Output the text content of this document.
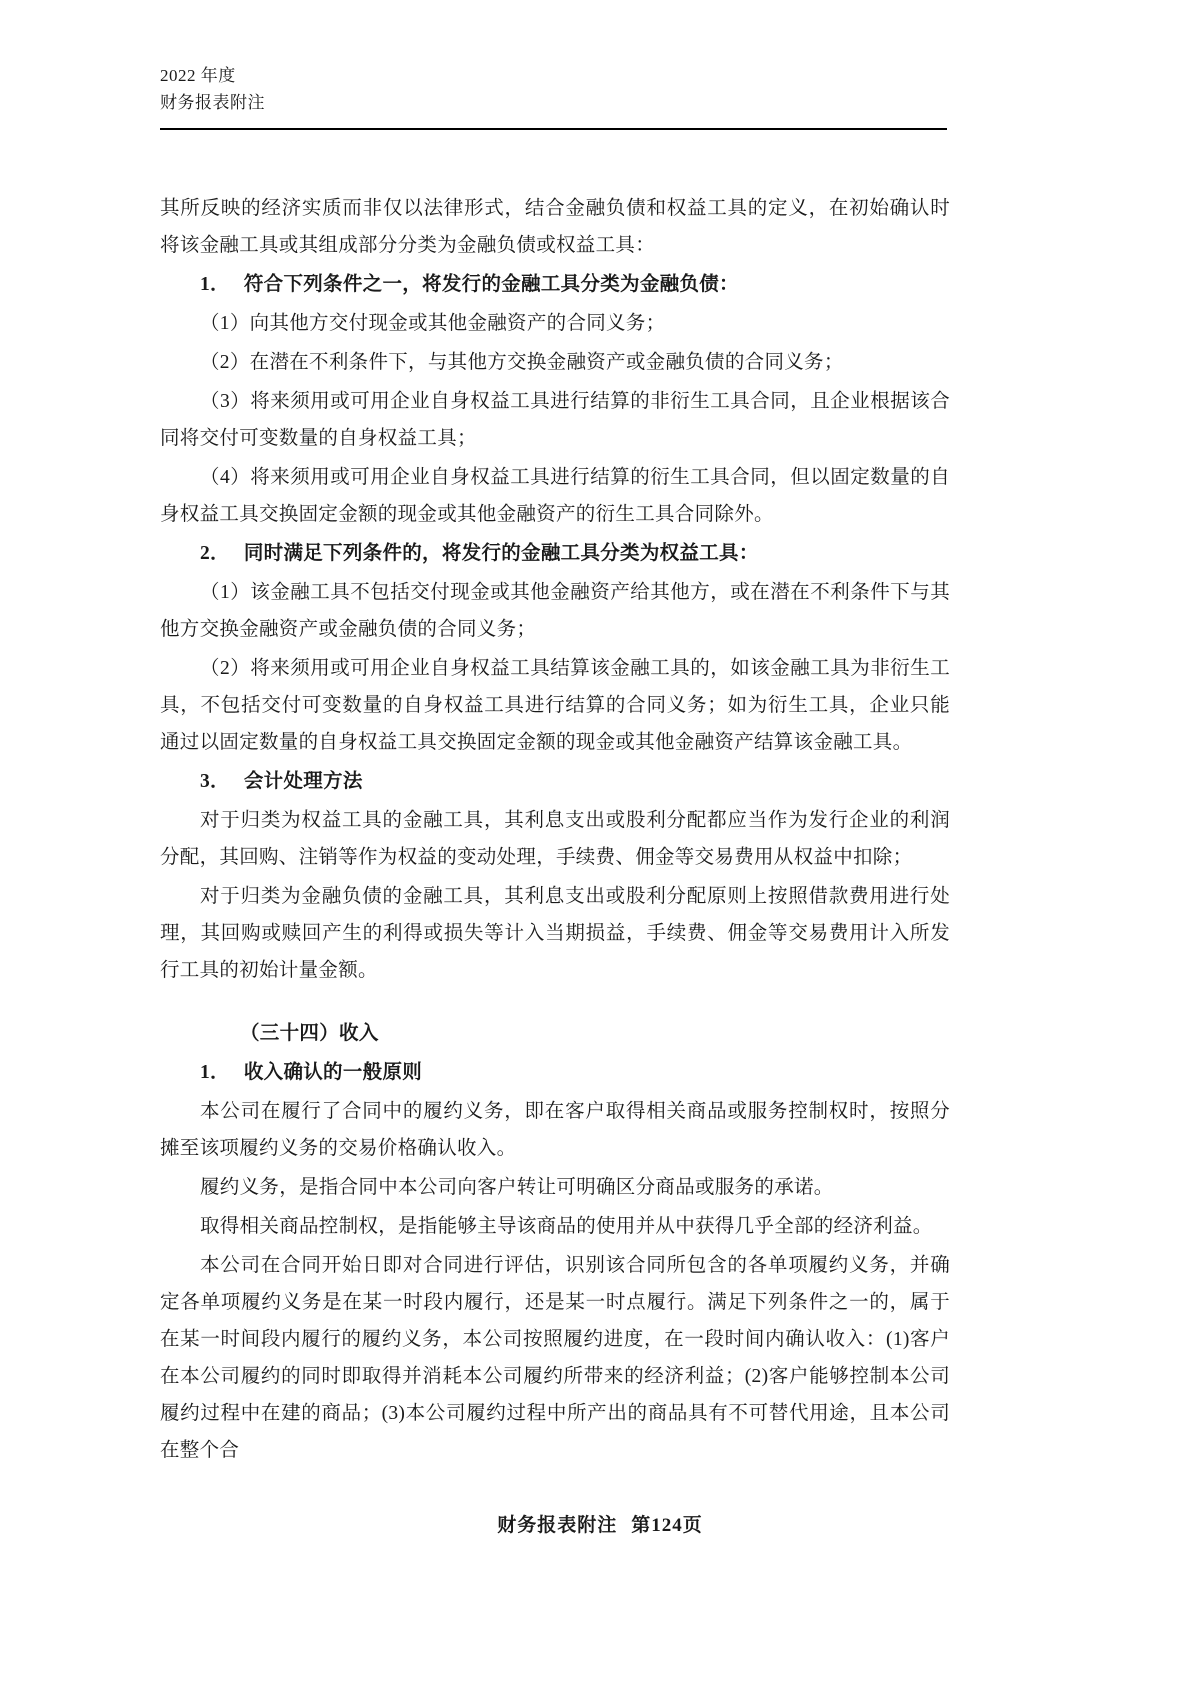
2022 年度
财务报表附注

其所反映的经济实质而非仅以法律形式，结合金融负债和权益工具的定义，在初始确认时将该金融工具或其组成部分分类为金融负债或权益工具：

1． 符合下列条件之一，将发行的金融工具分类为金融负债：

（1）向其他方交付现金或其他金融资产的合同义务；

（2）在潜在不利条件下，与其他方交换金融资产或金融负债的合同义务；

（3）将来须用或可用企业自身权益工具进行结算的非衍生工具合同，且企业根据该合同将交付可变数量的自身权益工具；

（4）将来须用或可用企业自身权益工具进行结算的衍生工具合同，但以固定数量的自身权益工具交换固定金额的现金或其他金融资产的衍生工具合同除外。

2． 同时满足下列条件的，将发行的金融工具分类为权益工具：

（1）该金融工具不包括交付现金或其他金融资产给其他方，或在潜在不利条件下与其他方交换金融资产或金融负债的合同义务；

（2）将来须用或可用企业自身权益工具结算该金融工具的，如该金融工具为非衍生工具，不包括交付可变数量的自身权益工具进行结算的合同义务；如为衍生工具，企业只能通过以固定数量的自身权益工具交换固定金额的现金或其他金融资产结算该金融工具。

3． 会计处理方法

对于归类为权益工具的金融工具，其利息支出或股利分配都应当作为发行企业的利润分配，其回购、注销等作为权益的变动处理，手续费、佣金等交易费用从权益中扣除；

对于归类为金融负债的金融工具，其利息支出或股利分配原则上按照借款费用进行处理，其回购或赎回产生的利得或损失等计入当期损益，手续费、佣金等交易费用计入所发行工具的初始计量金额。

（三十四）收入

1． 收入确认的一般原则

本公司在履行了合同中的履约义务，即在客户取得相关商品或服务控制权时，按照分摊至该项履约义务的交易价格确认收入。

履约义务，是指合同中本公司向客户转让可明确区分商品或服务的承诺。

取得相关商品控制权，是指能够主导该商品的使用并从中获得几乎全部的经济利益。

本公司在合同开始日即对合同进行评估，识别该合同所包含的各单项履约义务，并确定各单项履约义务是在某一时段内履行，还是某一时点履行。满足下列条件之一的，属于在某一时间段内履行的履约义务，本公司按照履约进度，在一段时间内确认收入：(1)客户在本公司履约的同时即取得并消耗本公司履约所带来的经济利益；(2)客户能够控制本公司履约过程中在建的商品；(3)本公司履约过程中所产出的商品具有不可替代用途，且本公司在整个合

财务报表附注 第124页
